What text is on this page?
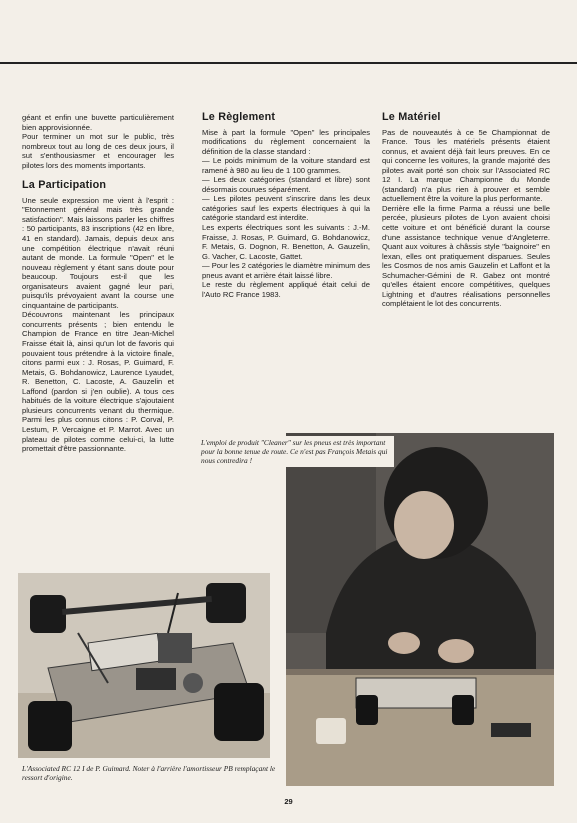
géant et enfin une buvette particulièrement bien approvisionnée.

Pour terminer un mot sur le public, très nombreux tout au long de ces deux jours, il sut s'enthousiasmer et encourager les pilotes lors des moments importants.

La Participation

Une seule expression me vient à l'esprit : "Etonnement général mais très grande satisfaction". Mais laissons parler les chiffres : 50 participants, 83 inscriptions (42 en libre, 41 en standard). Jamais, depuis deux ans une compétition électrique n'avait réuni autant de monde. La formule "Open" et le nouveau règlement y étant sans doute pour beaucoup. Toujours est-il que les organisateurs avaient gagné leur pari, puisqu'ils prévoyaient avant la course une cinquantaine de participants.

Découvrons maintenant les principaux concurrents présents ; bien entendu le Champion de France en titre Jean-Michel Fraisse était là, ainsi qu'un lot de favoris qui pouvaient tous prétendre à la victoire finale, citons parmi eux : J. Rosas, P. Guimard, F. Metais, G. Bohdanowicz, Laurence Lyaudet, R. Benetton, C. Lacoste, A. Gauzelin et Laffond (pardon si j'en oublie). A tous ces habitués de la voiture électrique s'ajoutaient plusieurs concurrents venant du thermique. Parmi les plus connus citons : P. Corval, P. Lestum, P. Vercaigne et P. Marrot. Avec un plateau de pilotes comme celui-ci, la lutte promettait d'être passionnante.

Le Règlement

Mise à part la formule "Open" les principales modifications du règlement concernaient la définition de la classe standard :

— Le poids minimum de la voiture standard est ramené à 980 au lieu de 1 100 grammes.

— Les deux catégories (standard et libre) sont désormais courues séparément.

— Les pilotes peuvent s'inscrire dans les deux catégories sauf les experts électriques à qui la catégorie standard est interdite.

Les experts électriques sont les suivants : J.-M. Fraisse, J. Rosas, P. Guimard, G. Bohdanowicz, F. Metais, G. Dognon, R. Benetton, A. Gauzelin, G. Vacher, C. Lacoste, Gattet.

— Pour les 2 catégories le diamètre minimum des pneus avant et arrière était laissé libre.

Le reste du règlement appliqué était celui de l'Auto RC France 1983.

Le Matériel

Pas de nouveautés à ce 5e Championnat de France. Tous les matériels présents étaient connus, et avaient déjà fait leurs preuves. En ce qui concerne les voitures, la grande majorité des pilotes avait porté son choix sur l'Associated RC 12 I. La marque Championne du Monde (standard) n'a plus rien à prouver et semble actuellement être la voiture la plus performante.

Derrière elle la firme Parma a réussi une belle percée, plusieurs pilotes de Lyon avaient choisi cette voiture et ont bénéficié durant la course d'une assistance technique venue d'Angleterre. Quant aux voitures à châssis style "baignoire" en lexan, elles ont pratiquement disparues. Seules les Cosmos de nos amis Gauzelin et Laffont et la Schumacher-Gémini de R. Gabez ont montré qu'elles étaient encore compétitives, quelques Lightning et d'autres réalisations personnelles complétaient le lot des concurrents.

L'emploi de produit "Cleaner" sur les pneus est très important pour la bonne tenue de route. Ce n'est pas François Metais qui nous contredira !

L'Associated RC 12 I de P. Guimard. Noter à l'arrière l'amortisseur PB remplaçant le ressort d'origine.

29
